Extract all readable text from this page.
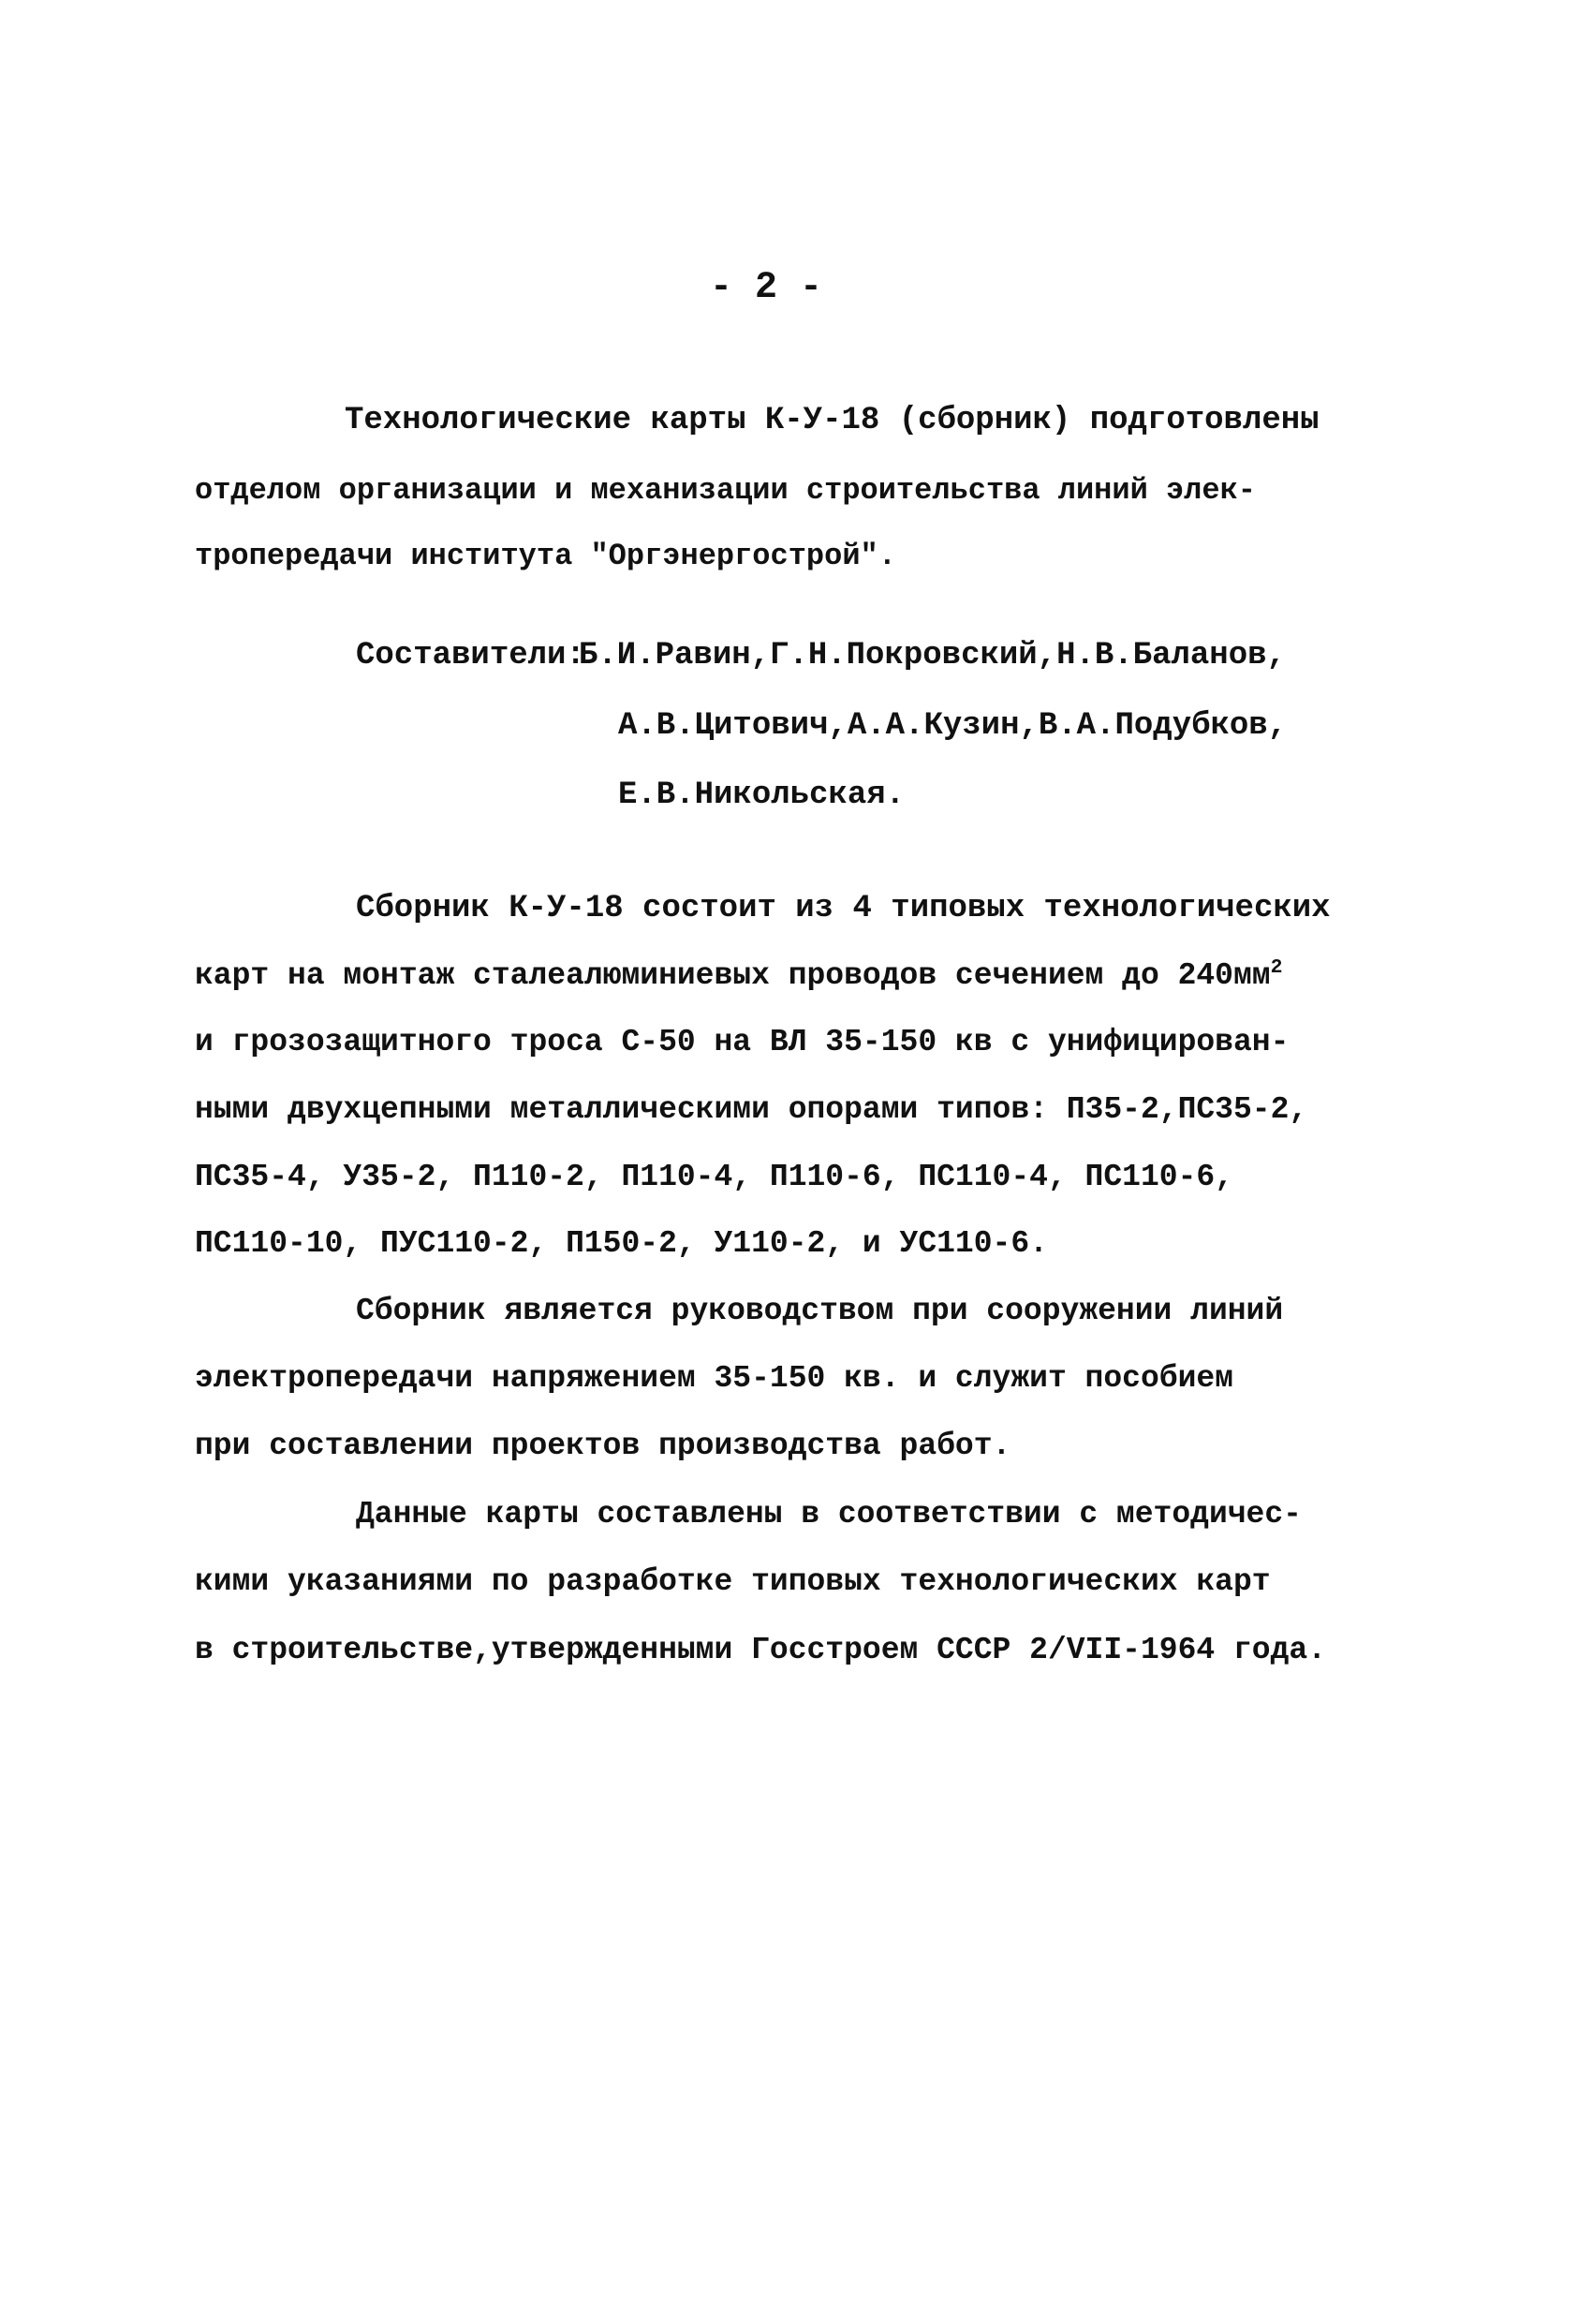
- 2 -
Технологические карты К-У-18 (сборник) подготовлены
отделом организации и механизации строительства линий элек-
тропередачи института "Оргэнергострой".
Составители:
Б.И.Равин,Г.Н.Покровский,Н.В.Баланов,
А.В.Цитович,А.А.Кузин,В.А.Подубков,
Е.В.Никольская.
Сборник К-У-18 состоит из 4 типовых технологических
карт на монтаж сталеалюминиевых проводов сечением до $240мм^2$
и грозозащитного троса С-50 на ВЛ 35-150 кв с унифицирован-
ными двухцепными металлическими опорами типов: П35-2,ПС35-2,
ПС35-4, У35-2, П110-2, П110-4, П110-6, ПС110-4, ПС110-6,
ПС110-10, ПУС110-2, П150-2, У110-2, и УС110-6.
Сборник является руководством при сооружении линий
электропередачи напряжением 35-150 кв. и служит пособием
при составлении проектов производства работ.
Данные карты составлены в соответствии с методичес-
кими указаниями по разработке типовых технологических карт
в строительстве,утвержденными Госстроем СССР 2/VII-1964 года.
